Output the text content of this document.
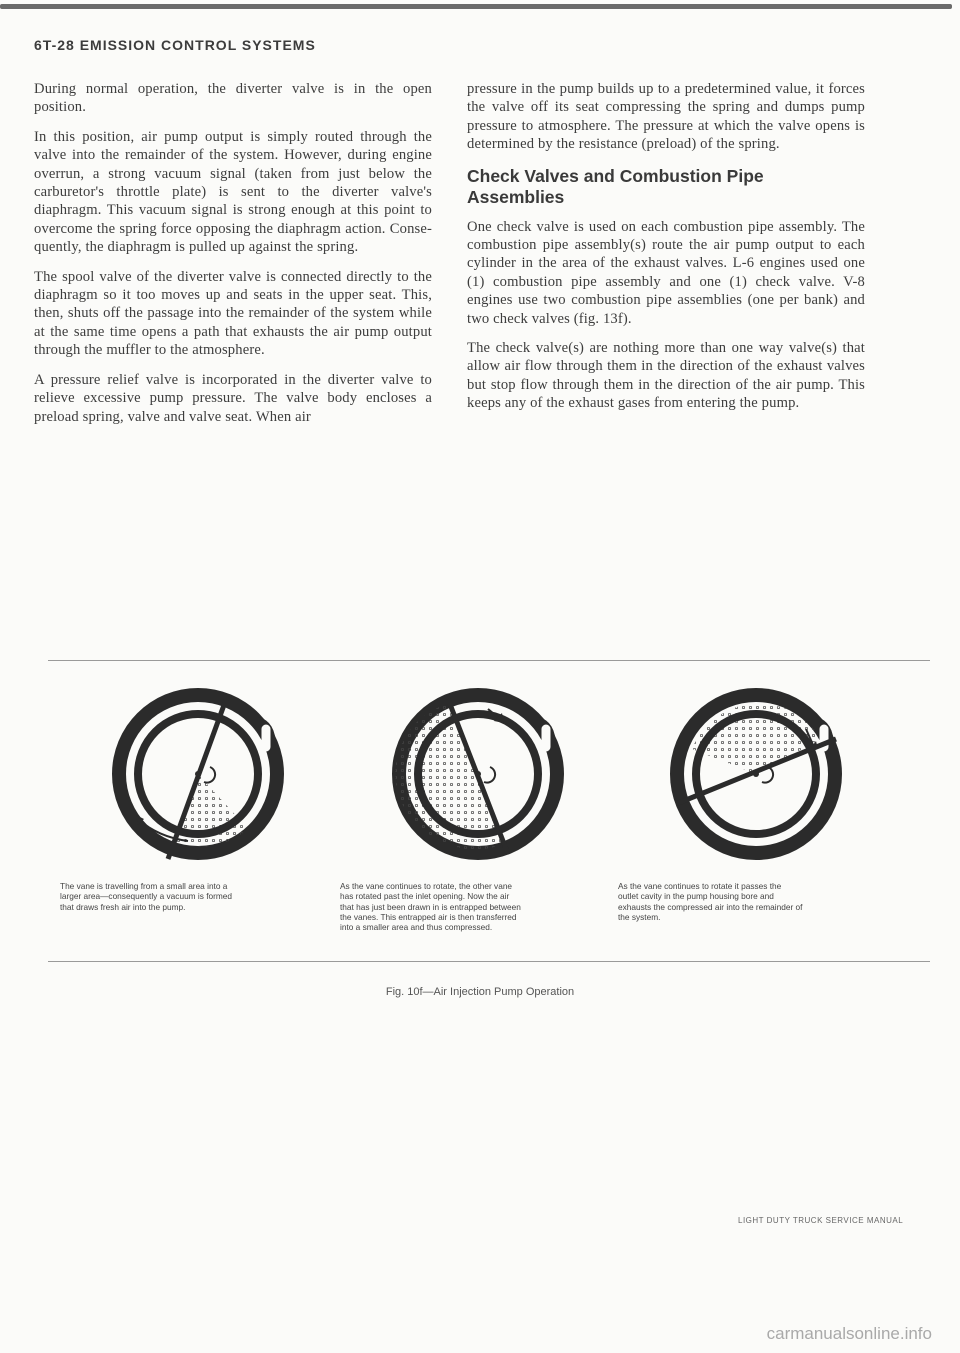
6T-28 EMISSION CONTROL SYSTEMS

During normal operation, the diverter valve is in the open position.

In this position, air pump output is simply routed through the valve into the remainder of the system. However, during engine overrun, a strong vacuum signal (taken from just below the carburetor's throttle plate) is sent to the diverter valve's diaphragm. This vacuum signal is strong enough at this point to overcome the spring force opposing the diaphragm action. Conse- quently, the diaphragm is pulled up against the spring.

The spool valve of the diverter valve is connected directly to the diaphragm so it too moves up and seats in the upper seat. This, then, shuts off the passage into the remainder of the system while at the same time opens a path that exhausts the air pump output through the muffler to the atmosphere.

A pressure relief valve is incorporated in the diverter valve to relieve excessive pump pressure. The valve body encloses a preload spring, valve and valve seat. When air

pressure in the pump builds up to a predetermined value, it forces the valve off its seat compressing the spring and dumps pump pressure to atmosphere. The pressure at which the valve opens is determined by the resistance (preload) of the spring.

Check Valves and Combustion Pipe Assemblies

One check valve is used on each combustion pipe assembly. The combustion pipe assembly(s) route the air pump output to each cylinder in the area of the exhaust valves. L-6 engines used one (1) combustion pipe assembly and one (1) check valve. V-8 engines use two combustion pipe assemblies (one per bank) and two check valves (fig. 13f).

The check valve(s) are nothing more than one way valve(s) that allow air flow through them in the direction of the exhaust valves but stop flow through them in the direction of the air pump. This keeps any of the exhaust gases from entering the pump.

The vane is travelling from a small area into a larger area—consequently a vacuum is formed that draws fresh air into the pump.
As the vane continues to rotate, the other vane has rotated past the inlet opening. Now the air that has just been drawn in is entrapped between the vanes. This entrapped air is then transferred into a smaller area and thus compressed.
As the vane continues to rotate it passes the outlet cavity in the pump housing bore and exhausts the compressed air into the remainder of the system.
Fig. 10f—Air Injection Pump Operation
LIGHT DUTY TRUCK SERVICE MANUAL
carmanualsonline.info
